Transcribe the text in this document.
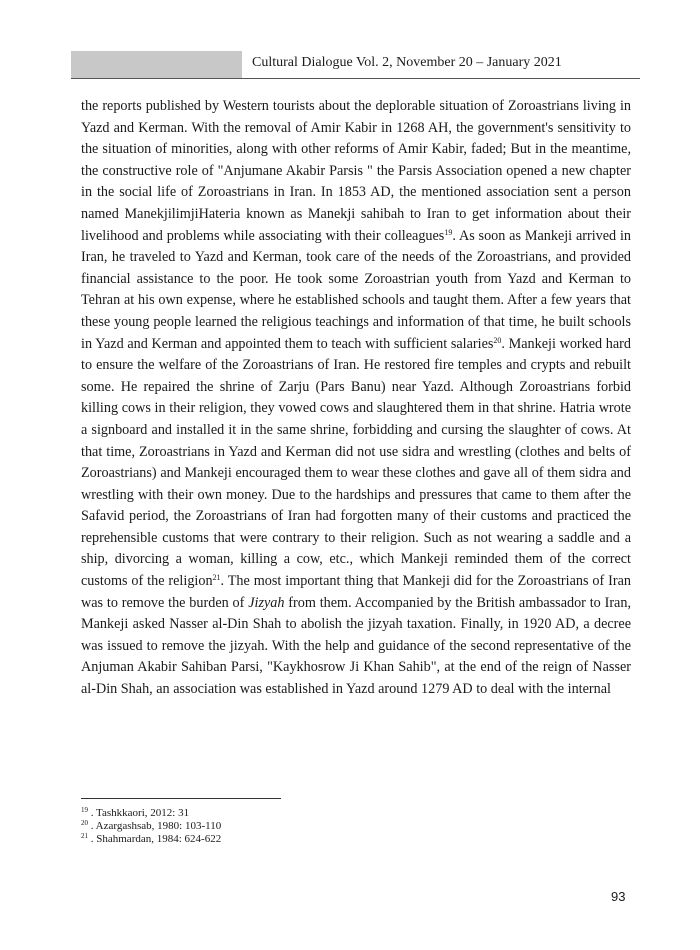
Cultural Dialogue Vol. 2, November 20 – January 2021

the reports published by Western tourists about the deplorable situation of Zoroastrians living in Yazd and Kerman. With the removal of Amir Kabir in 1268 AH, the government's sensitivity to the situation of minorities, along with other reforms of Amir Kabir, faded; But in the meantime, the constructive role of "Anjumane Akabir Parsis " the Parsis Association opened a new chapter in the social life of Zoroastrians in Iran. In 1853 AD, the mentioned association sent a person named ManekjilimjiHateria known as Manekji sahibah to Iran to get information about their livelihood and problems while associating with their colleagues$^{19}$. As soon as Mankeji arrived in Iran, he traveled to Yazd and Kerman, took care of the needs of the Zoroastrians, and provided financial assistance to the poor. He took some Zoroastrian youth from Yazd and Kerman to Tehran at his own expense, where he established schools and taught them. After a few years that these young people learned the religious teachings and information of that time, he built schools in Yazd and Kerman and appointed them to teach with sufficient salaries$^{20}$. Mankeji worked hard to ensure the welfare of the Zoroastrians of Iran. He restored fire temples and crypts and rebuilt some. He repaired the shrine of Zarju (Pars Banu) near Yazd. Although Zoroastrians forbid killing cows in their religion, they vowed cows and slaughtered them in that shrine. Hatria wrote a signboard and installed it in the same shrine, forbidding and cursing the slaughter of cows. At that time, Zoroastrians in Yazd and Kerman did not use sidra and wrestling (clothes and belts of Zoroastrians) and Mankeji encouraged them to wear these clothes and gave all of them sidra and wrestling with their own money. Due to the hardships and pressures that came to them after the Safavid period, the Zoroastrians of Iran had forgotten many of their customs and practiced the reprehensible customs that were contrary to their religion. Such as not wearing a saddle and a ship, divorcing a woman, killing a cow, etc., which Mankeji reminded them of the correct customs of the religion$^{21}$. The most important thing that Mankeji did for the Zoroastrians of Iran was to remove the burden of Jizyah from them. Accompanied by the British ambassador to Iran, Mankeji asked Nasser al-Din Shah to abolish the jizyah taxation. Finally, in 1920 AD, a decree was issued to remove the jizyah. With the help and guidance of the second representative of the Anjuman Akabir Sahiban Parsi, "Kaykhosrow Ji Khan Sahib", at the end of the reign of Nasser al-Din Shah, an association was established in Yazd around 1279 AD to deal with the internal

$^{19}$ . Tashkkaori, 2012: 31
$^{20}$ . Azargashsab, 1980: 103-110
$^{21}$ . Shahmardan, 1984: 624-622
93
